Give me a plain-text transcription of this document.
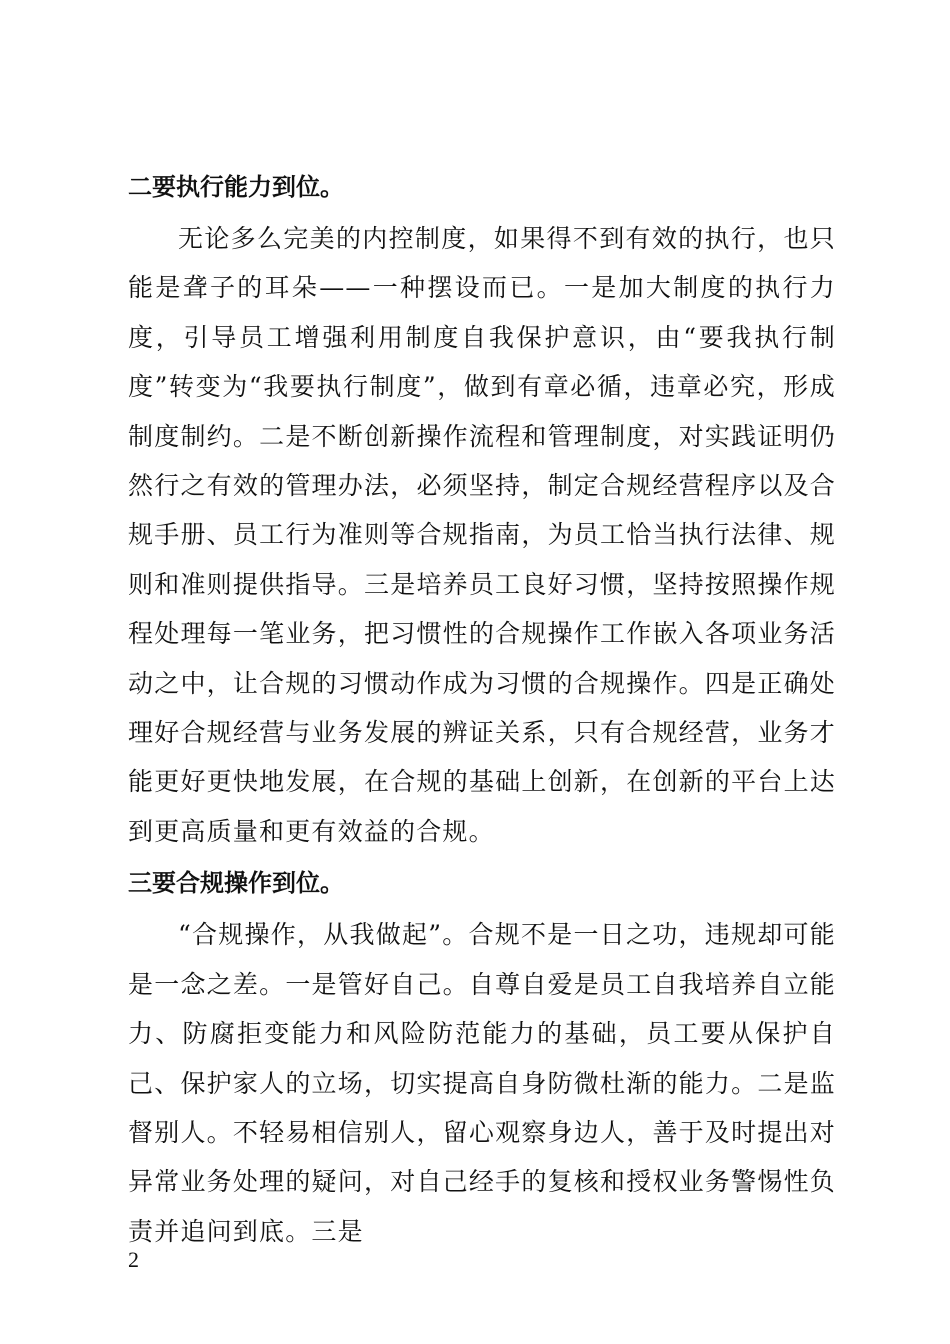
二要执行能力到位。

无论多么完美的内控制度，如果得不到有效的执行，也只能是聋子的耳朵——一种摆设而已。一是加大制度的执行力度，引导员工增强利用制度自我保护意识，由“要我执行制度”转变为“我要执行制度”，做到有章必循，违章必究，形成制度制约。二是不断创新操作流程和管理制度，对实践证明仍然行之有效的管理办法，必须坚持，制定合规经营程序以及合规手册、员工行为准则等合规指南，为员工恰当执行法律、规则和准则提供指导。三是培养员工良好习惯，坚持按照操作规程处理每一笔业务，把习惯性的合规操作工作嵌入各项业务活动之中，让合规的习惯动作成为习惯的合规操作。四是正确处理好合规经营与业务发展的辨证关系，只有合规经营，业务才能更好更快地发展，在合规的基础上创新，在创新的平台上达到更高质量和更有效益的合规。

三要合规操作到位。

“合规操作，从我做起”。合规不是一日之功，违规却可能是一念之差。一是管好自己。自尊自爱是员工自我培养自立能力、防腐拒变能力和风险防范能力的基础，员工要从保护自己、保护家人的立场，切实提高自身防微杜渐的能力。二是监督别人。不轻易相信别人，留心观察身边人，善于及时提出对异常业务处理的疑问，对自己经手的复核和授权业务警惕性负责并追问到底。三是

2
